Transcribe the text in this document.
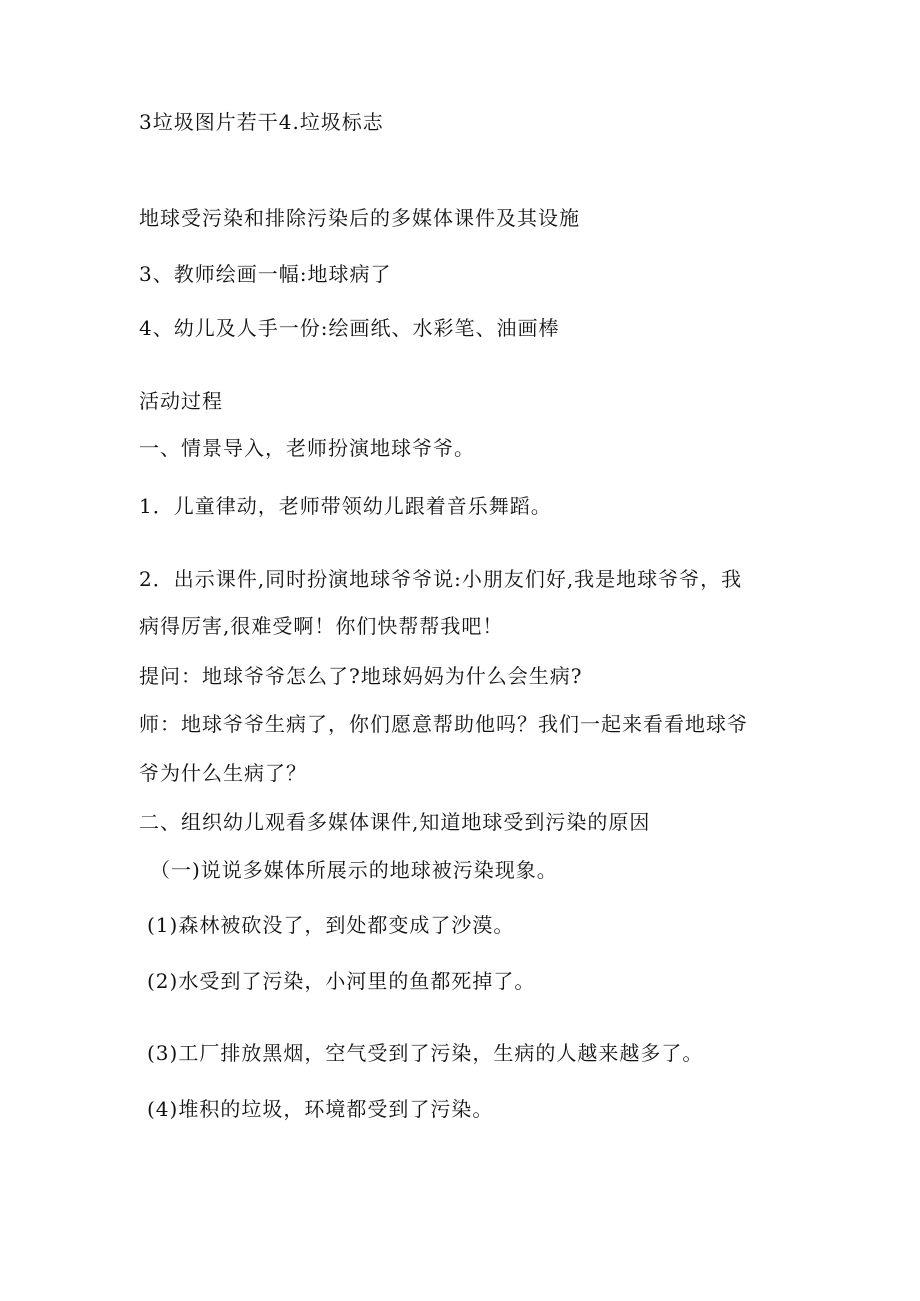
3垃圾图片若干4.垃圾标志
地球受污染和排除污染后的多媒体课件及其设施
3、教师绘画一幅:地球病了
4、幼儿及人手一份:绘画纸、水彩笔、油画棒
活动过程
一、情景导入，老师扮演地球爷爷。
1．儿童律动，老师带领幼儿跟着音乐舞蹈。
2．出示课件,同时扮演地球爷爷说:小朋友们好,我是地球爷爷，我
病得厉害,很难受啊！你们快帮帮我吧！
提问：地球爷爷怎么了?地球妈妈为什么会生病?
师：地球爷爷生病了，你们愿意帮助他吗？我们一起来看看地球爷
爷为什么生病了？
二、组织幼儿观看多媒体课件,知道地球受到污染的原因
（一)说说多媒体所展示的地球被污染现象。
(1)森林被砍没了，到处都变成了沙漠。
(2)水受到了污染，小河里的鱼都死掉了。
(3)工厂排放黑烟，空气受到了污染，生病的人越来越多了。
(4)堆积的垃圾，环境都受到了污染。
